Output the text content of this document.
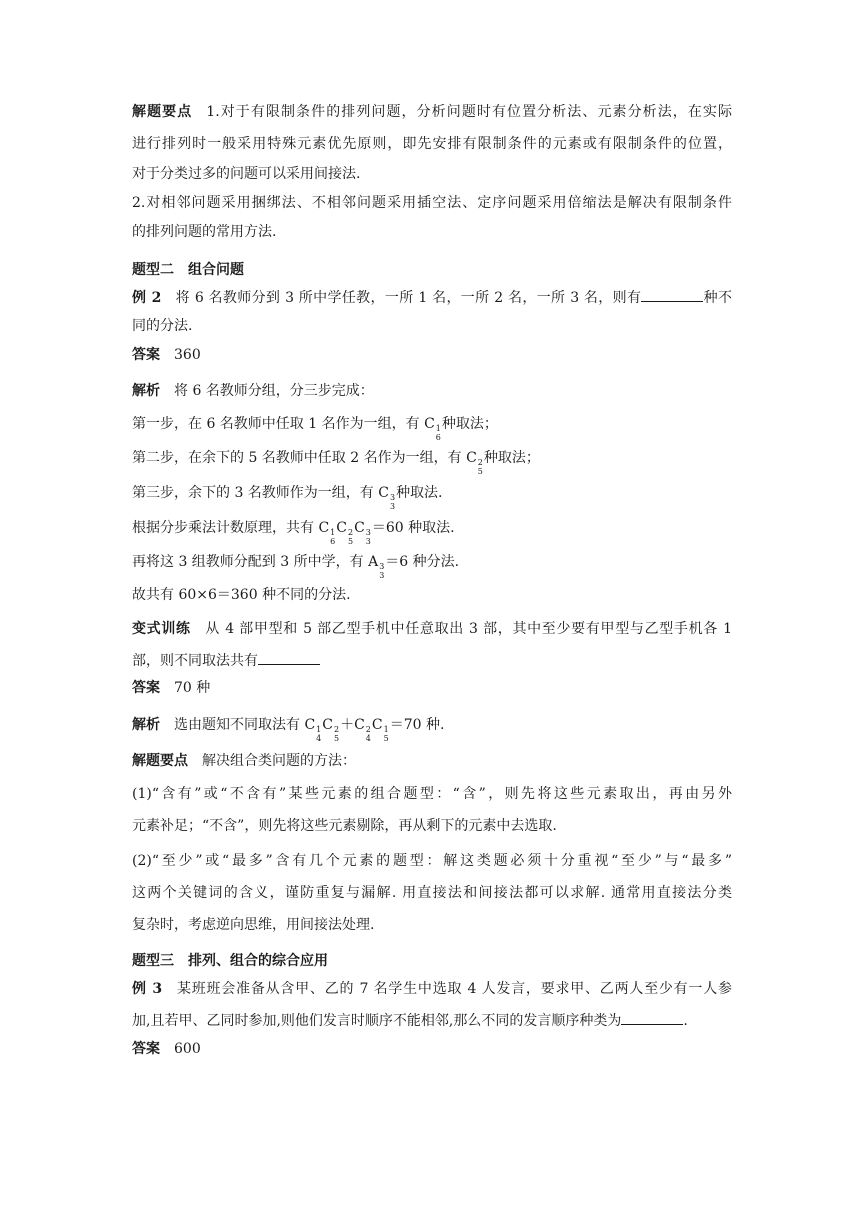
解题要点 1.对于有限制条件的排列问题，分析问题时有位置分析法、元素分析法，在实际
进行排列时一般采用特殊元素优先原则，即先安排有限制条件的元素或有限制条件的位置，
对于分类过多的问题可以采用间接法.
2.对相邻问题采用捆绑法、不相邻问题采用插空法、定序问题采用倍缩法是解决有限制条件
的排列问题的常用方法.
题型二　组合问题
例 2 将 6 名教师分到 3 所中学任教，一所 1 名，一所 2 名，一所 3 名，则有	种不
同的分法.
答案 360
解析 将 6 名教师分组，分三步完成：
第一步，在 6 名教师中任取 1 名作为一组，有 C 1
6
种取法；
第二步，在余下的 5 名教师中任取 2 名作为一组，有 C 2
5
种取法；
第三步，余下的 3 名教师作为一组，有 C 3
3
种取法.
根据分步乘法计数原理，共有 C 1
6
C 2
5
C 3
3
＝60 种取法.
再将这 3 组教师分配到 3 所中学，有 A 3
3
＝6 种分法.
故共有 60×6＝360 种不同的分法.
变式训练 从 4 部甲型和 5 部乙型手机中任意取出 3 部，其中至少要有甲型与乙型手机各 1
部，则不同取法共有
答案 70 种
解析 选由题知不同取法有 C 1
4
C 2
5
＋C 2
4
C 1
5
＝70 种.
解题要点 解决组合类问题的方法：
(1)“含有”或“不含有”某些元素的组合题型：“含”，则先将这些元素取出，再由另外
元素补足；“不含”，则先将这些元素剔除，再从剩下的元素中去选取.
(2)“至少”或“最多”含有几个元素的题型：解这类题必须十分重视“至少”与“最多”
这两个关键词的含义，谨防重复与漏解. 用直接法和间接法都可以求解. 通常用直接法分类
复杂时，考虑逆向思维，用间接法处理.
题型三　排列、组合的综合应用
例 3 某班班会准备从含甲、乙的 7 名学生中选取 4 人发言，要求甲、乙两人至少有一人参
加,且若甲、乙同时参加,则他们发言时顺序不能相邻,那么不同的发言顺序种类为	.
答案 600
